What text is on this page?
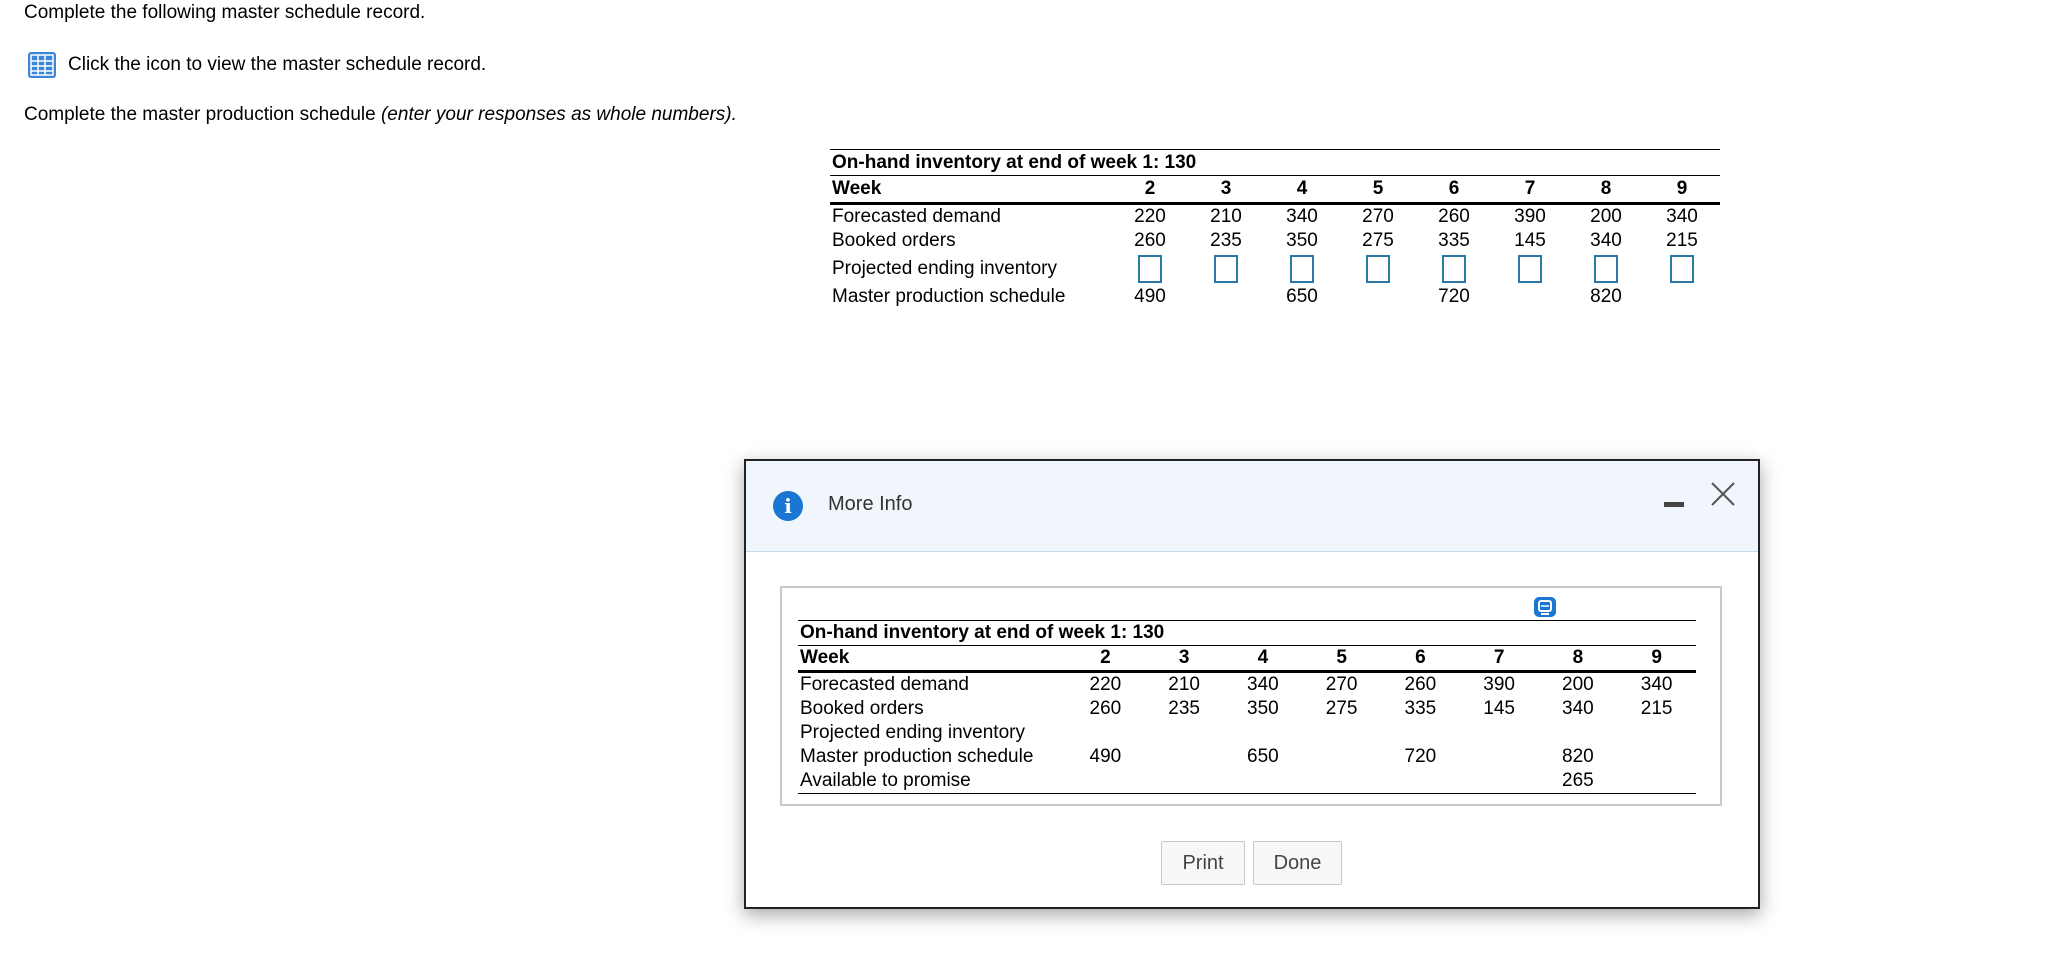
Complete the following master schedule record.
Click the icon to view the master schedule record.
Complete the master production schedule (enter your responses as whole numbers).
On-hand inventory at end of week 1: 130								
Week	2	3	4	5	6	7	8	9
Forecasted demand	220	210	340	270	260	390	200	340
Booked orders	260	235	350	275	335	145	340	215
Projected ending inventory								
Master production schedule	490		650		720		820	
i	More Info
On-hand inventory at end of week 1: 130								
Week	2	3	4	5	6	7	8	9
Forecasted demand	220	210	340	270	260	390	200	340
Booked orders	260	235	350	275	335	145	340	215
Projected ending inventory								
Master production schedule	490		650		720		820	
Available to promise							265	
Print	Done
